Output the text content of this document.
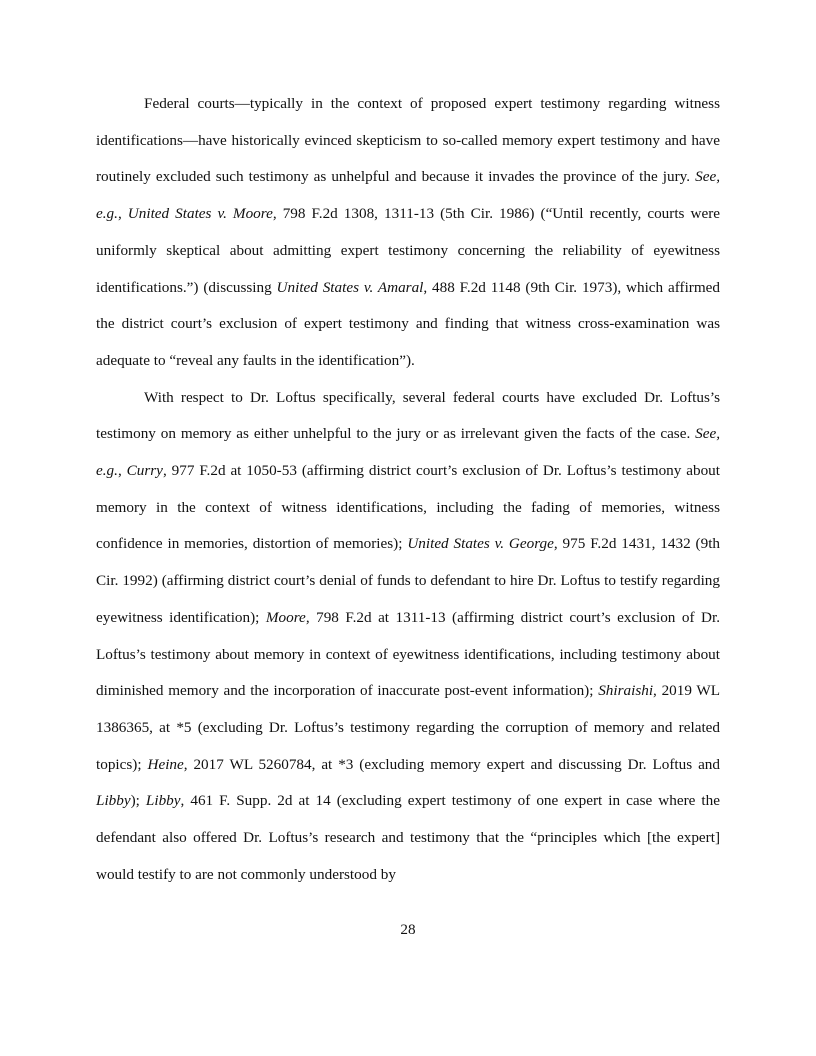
Federal courts—typically in the context of proposed expert testimony regarding witness identifications—have historically evinced skepticism to so-called memory expert testimony and have routinely excluded such testimony as unhelpful and because it invades the province of the jury. See, e.g., United States v. Moore, 798 F.2d 1308, 1311-13 (5th Cir. 1986) (“Until recently, courts were uniformly skeptical about admitting expert testimony concerning the reliability of eyewitness identifications.”) (discussing United States v. Amaral, 488 F.2d 1148 (9th Cir. 1973), which affirmed the district court’s exclusion of expert testimony and finding that witness cross-examination was adequate to “reveal any faults in the identification”).

With respect to Dr. Loftus specifically, several federal courts have excluded Dr. Loftus’s testimony on memory as either unhelpful to the jury or as irrelevant given the facts of the case. See, e.g., Curry, 977 F.2d at 1050-53 (affirming district court’s exclusion of Dr. Loftus’s testimony about memory in the context of witness identifications, including the fading of memories, witness confidence in memories, distortion of memories); United States v. George, 975 F.2d 1431, 1432 (9th Cir. 1992) (affirming district court’s denial of funds to defendant to hire Dr. Loftus to testify regarding eyewitness identification); Moore, 798 F.2d at 1311-13 (affirming district court’s exclusion of Dr. Loftus’s testimony about memory in context of eyewitness identifications, including testimony about diminished memory and the incorporation of inaccurate post-event information); Shiraishi, 2019 WL 1386365, at *5 (excluding Dr. Loftus’s testimony regarding the corruption of memory and related topics); Heine, 2017 WL 5260784, at *3 (excluding memory expert and discussing Dr. Loftus and Libby); Libby, 461 F. Supp. 2d at 14 (excluding expert testimony of one expert in case where the defendant also offered Dr. Loftus’s research and testimony that the “principles which [the expert] would testify to are not commonly understood by

28
